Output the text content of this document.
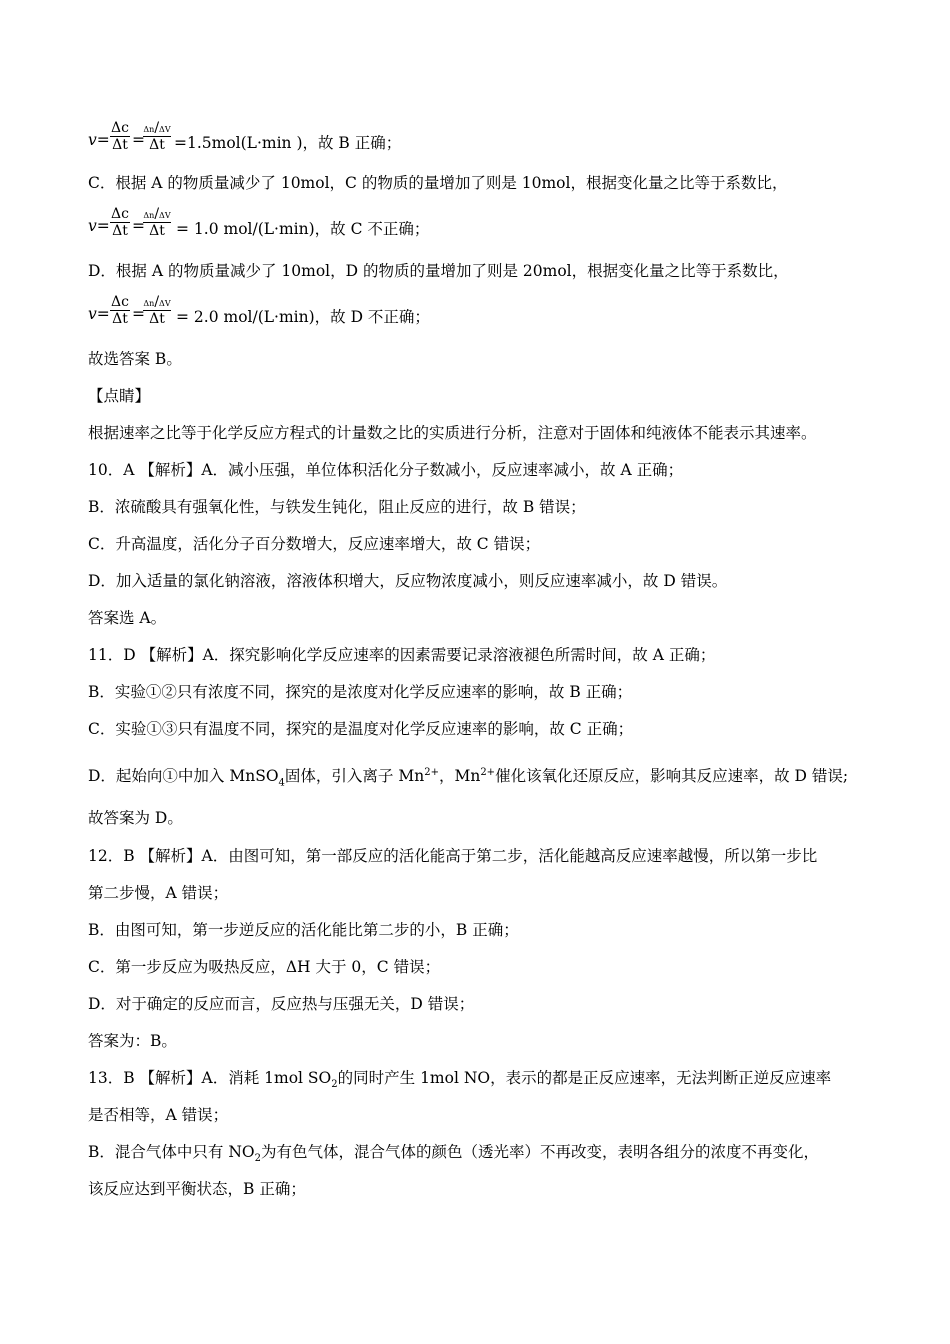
v=
Δc
Δt =
Δn/ΔV
Δt =1.5mol(L·min )，故 B 正确；
C．根据 A 的物质量减少了 10mol，C 的物质的量增加了则是 10mol，根据变化量之比等于系数比，
v=
Δc
Δt =
Δn/ΔV
Δt = 1.0 mol/(L·min)，故 C 不正确；
D．根据 A 的物质量减少了 10mol，D 的物质的量增加了则是 20mol，根据变化量之比等于系数比，
v=
Δc
Δt =
Δn/ΔV
Δt = 2.0 mol/(L·min)，故 D 不正确；
故选答案 B。
【点睛】
根据速率之比等于化学反应方程式的计量数之比的实质进行分析，注意对于固体和纯液体不能表示其速率。
10．A 【解析】A．减小压强，单位体积活化分子数减小，反应速率减小，故 A 正确；
B．浓硫酸具有强氧化性，与铁发生钝化，阻止反应的进行，故 B 错误；
C．升高温度，活化分子百分数增大，反应速率增大，故 C 错误；
D．加入适量的氯化钠溶液，溶液体积增大，反应物浓度减小，则反应速率减小，故 D 错误。
答案选 A。
11．D 【解析】A．探究影响化学反应速率的因素需要记录溶液褪色所需时间，故 A 正确；
B．实验①②只有浓度不同，探究的是浓度对化学反应速率的影响，故 B 正确；
C．实验①③只有温度不同，探究的是温度对化学反应速率的影响，故 C 正确；
D．起始向①中加入 MnSO$_4$固体，引入离子 $Mn^{2+}$，$Mn^{2+}$催化该氧化还原反应，影响其反应速率，故 D 错误;
故答案为 D。
12．B 【解析】A．由图可知，第一部反应的活化能高于第二步，活化能越高反应速率越慢，所以第一步比
第二步慢，A 错误；
B．由图可知，第一步逆反应的活化能比第二步的小，B 正确；
C．第一步反应为吸热反应，ΔH 大于 0，C 错误；
D．对于确定的反应而言，反应热与压强无关，D 错误；
答案为：B。
13．B 【解析】A．消耗 1mol $SO_2$的同时产生 1mol NO，表示的都是正反应速率，无法判断正逆反应速率
是否相等，A 错误；
B．混合气体中只有 $NO_2$为有色气体，混合气体的颜色（透光率）不再改变，表明各组分的浓度不再变化，
该反应达到平衡状态，B 正确；
